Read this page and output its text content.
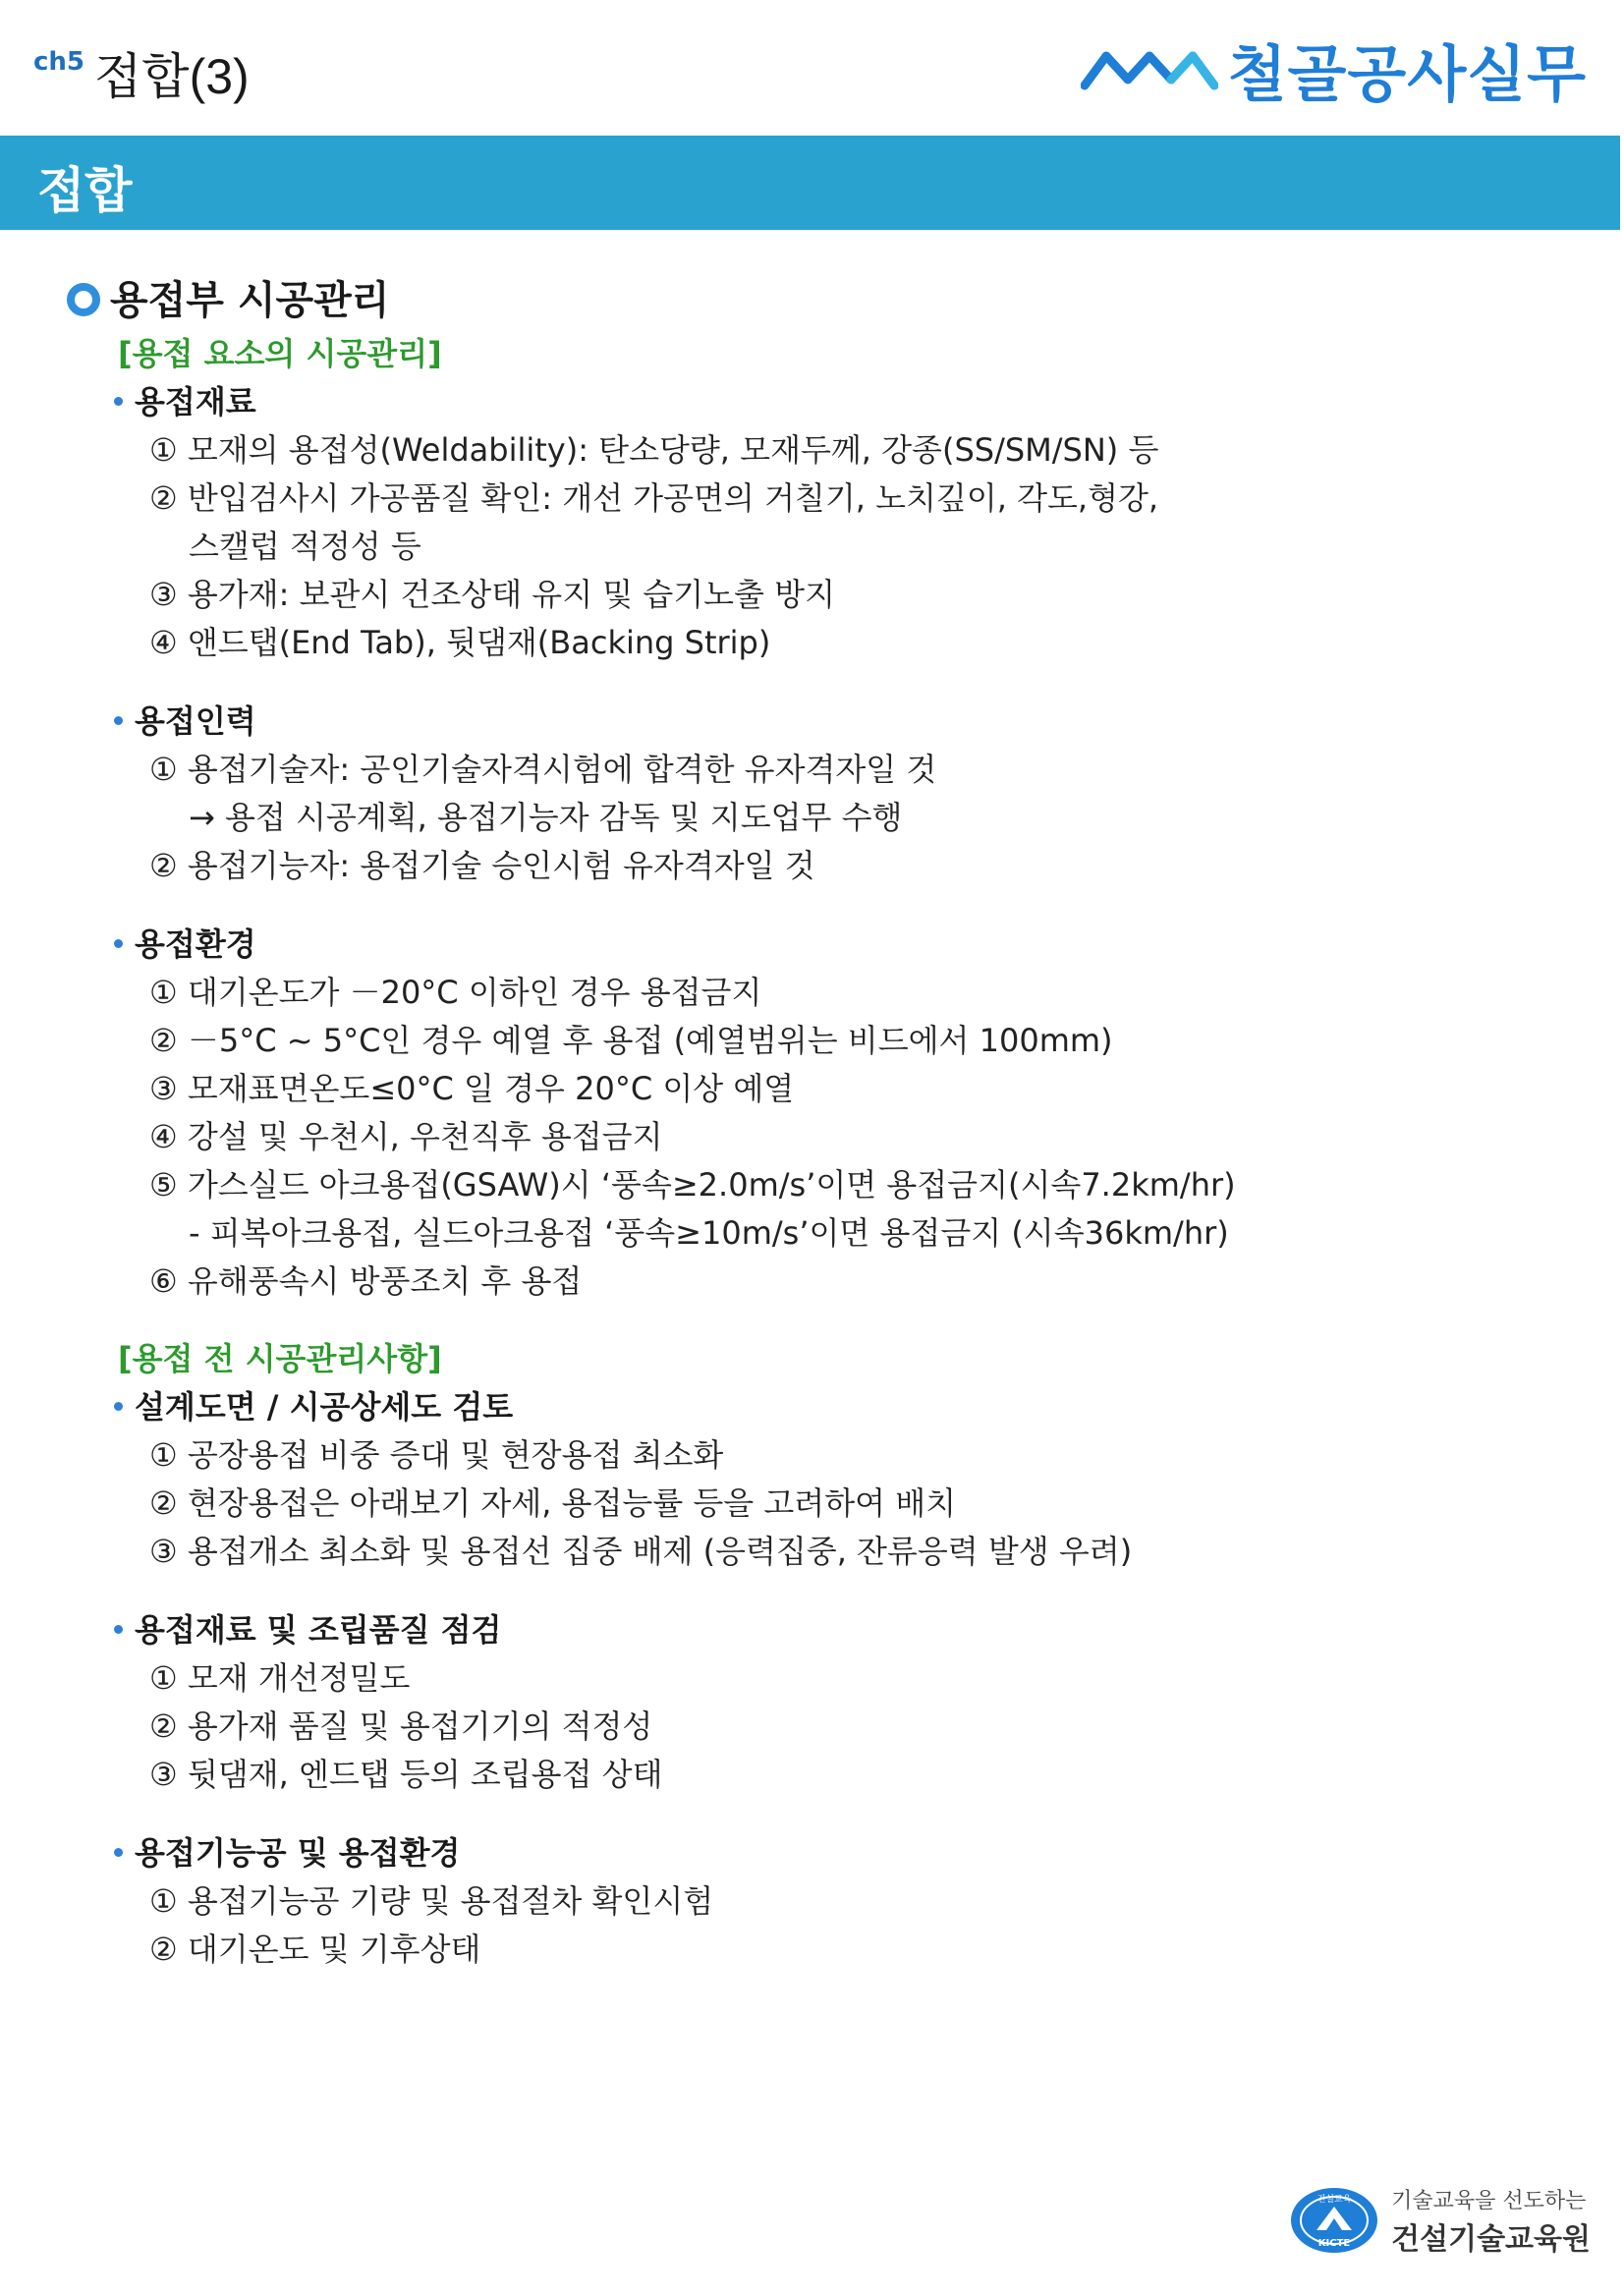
ch5 접합(3)	철골공사실무
접합
용접부 시공관리
[용접 요소의 시공관리]
용접재료
① 모재의 용접성(Weldability): 탄소당량, 모재두께, 강종(SS/SM/SN) 등
② 반입검사시 가공품질 확인: 개선 가공면의 거칠기, 노치깊이, 각도,형강,
스캘럽 적정성 등
③ 용가재: 보관시 건조상태 유지 및 습기노출 방지
④ 앤드탭(End Tab), 뒷댐재(Backing Strip)
용접인력
① 용접기술자: 공인기술자격시험에 합격한 유자격자일 것
→ 용접 시공계획, 용접기능자 감독 및 지도업무 수행
② 용접기능자: 용접기술 승인시험 유자격자일 것
용접환경
① 대기온도가 －20°C 이하인 경우 용접금지
② －5°C ~ 5°C인 경우 예열 후 용접 (예열범위는 비드에서 100mm)
③ 모재표면온도≤0°C 일 경우 20°C 이상 예열
④ 강설 및 우천시, 우천직후 용접금지
⑤ 가스실드 아크용접(GSAW)시 ‘풍속≥2.0m/s’이면 용접금지(시속7.2km/hr)
- 피복아크용접, 실드아크용접 ‘풍속≥10m/s’이면 용접금지 (시속36km/hr)
⑥ 유해풍속시 방풍조치 후 용접
[용접 전 시공관리사항]
설계도면 / 시공상세도 검토
① 공장용접 비중 증대 및 현장용접 최소화
② 현장용접은 아래보기 자세, 용접능률 등을 고려하여 배치
③ 용접개소 최소화 및 용접선 집중 배제 (응력집중, 잔류응력 발생 우려)
용접재료 및 조립품질 점검
① 모재 개선정밀도
② 용가재 품질 및 용접기기의 적정성
③ 뒷댐재, 엔드탭 등의 조립용접 상태
용접기능공 및 용접환경
① 용접기능공 기량 및 용접절차 확인시험
② 대기온도 및 기후상태
건설교육
KICTE
기술교육을 선도하는
건설기술교육원
